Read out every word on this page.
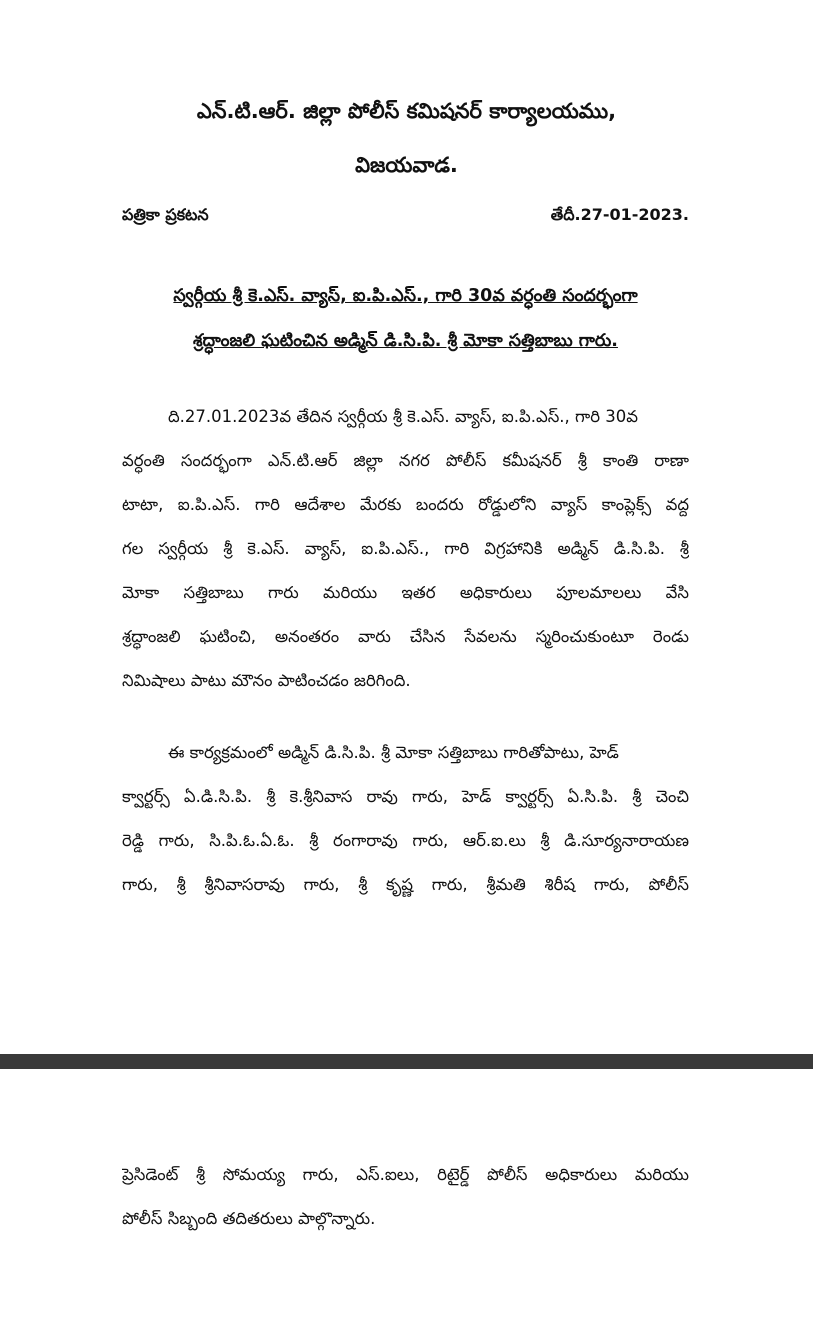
ఎన్.టి.ఆర్. జిల్లా పోలీస్ కమిషనర్ కార్యాలయము,
విజయవాడ.
పత్రికా ప్రకటన	తేదీ.27-01-2023.
స్వర్గీయ శ్రీ కె.ఎస్. వ్యాస్, ఐ.పి.ఎస్., గారి 30వ వర్ధంతి సందర్భంగా
శ్రద్ధాంజలి ఘటించిన అడ్మిన్ డి.సి.పి. శ్రీ మోకా సత్తిబాబు గారు.
ది.27.01.2023వ తేదిన స్వర్గీయ శ్రీ కె.ఎస్. వ్యాస్, ఐ.పి.ఎస్., గారి 30వ
వర్ధంతి సందర్భంగా ఎన్.టి.ఆర్ జిల్లా నగర పోలీస్ కమీషనర్ శ్రీ కాంతి రాణా
టాటా, ఐ.పి.ఎస్. గారి ఆదేశాల మేరకు బందరు రోడ్డులోని వ్యాస్ కాంప్లెక్స్ వద్ద
గల స్వర్గీయ శ్రీ కె.ఎస్. వ్యాస్, ఐ.పి.ఎస్., గారి విగ్రహానికి అడ్మిన్ డి.సి.పి. శ్రీ
మోకా సత్తిబాబు గారు మరియు ఇతర అధికారులు పూలమాలలు వేసి
శ్రద్ధాంజలి ఘటించి, అనంతరం వారు చేసిన సేవలను స్మరించుకుంటూ రెండు
నిమిషాలు పాటు మౌనం పాటించడం జరిగింది.
ఈ కార్యక్రమంలో అడ్మిన్ డి.సి.పి. శ్రీ మోకా సత్తిబాబు గారితోపాటు, హెడ్
క్వార్టర్స్ ఏ.డి.సి.పి. శ్రీ కె.శ్రీనివాస రావు గారు, హెడ్ క్వార్టర్స్ ఏ.సి.పి. శ్రీ చెంచి
రెడ్డి గారు, సి.పి.ఓ.ఏ.ఓ. శ్రీ రంగారావు గారు, ఆర్.ఐ.లు శ్రీ డి.సూర్యనారాయణ
గారు, శ్రీ శ్రీనివాసరావు గారు, శ్రీ కృష్ణ గారు, శ్రీమతి శిరీష గారు, పోలీస్
ప్రెసిడెంట్ శ్రీ సోమయ్య గారు, ఎస్.ఐలు, రిటైర్డ్ పోలీస్ అధికారులు మరియు
పోలీస్ సిబ్బంది తదితరులు పాల్గొన్నారు.
